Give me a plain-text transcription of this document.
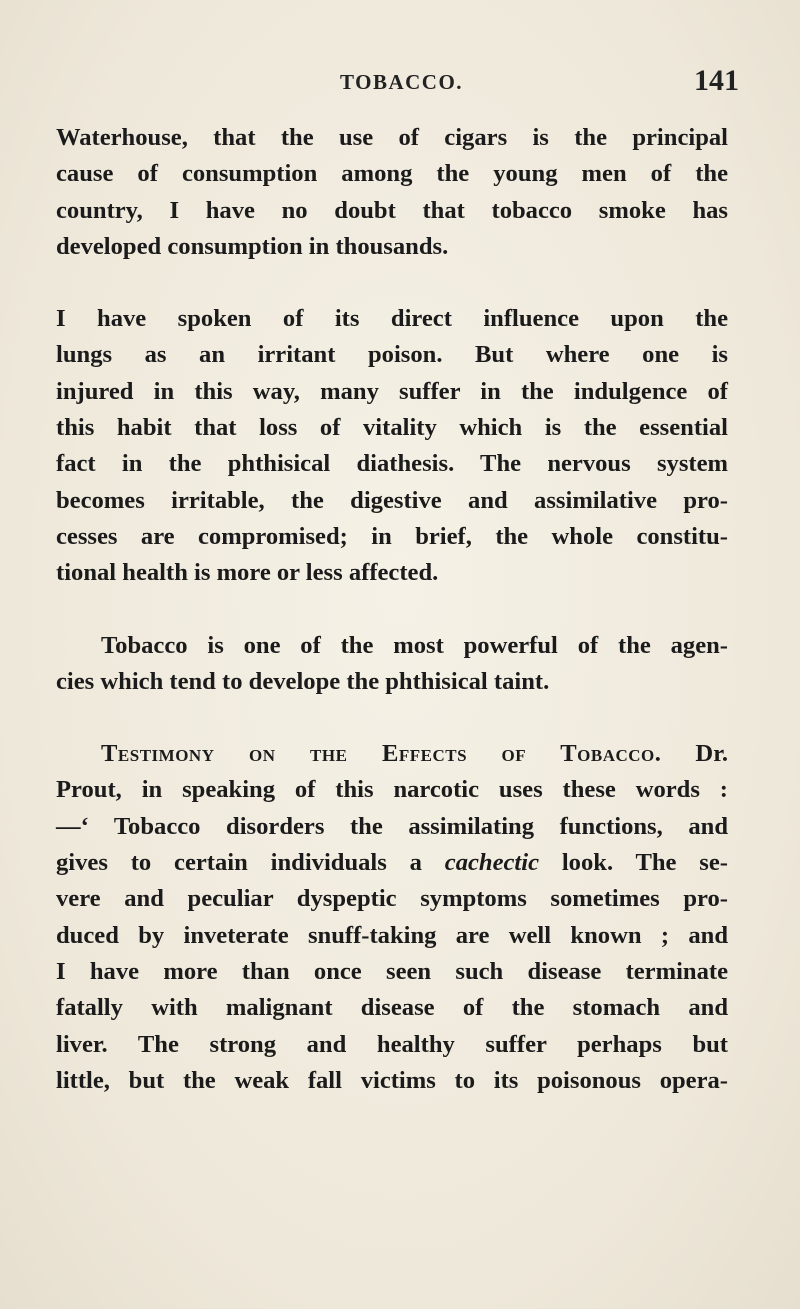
TOBACCO.	141
Waterhouse, that the use of cigars is the principal
cause of consumption among the young men of the
country, I have no doubt that tobacco smoke has
developed consumption in thousands.
I have spoken of its direct influence upon the
lungs as an irritant poison. But where one is
injured in this way, many suffer in the indulgence of
this habit that loss of vitality which is the essential
fact in the phthisical diathesis. The nervous system
becomes irritable, the digestive and assimilative pro-
cesses are compromised; in brief, the whole constitu-
tional health is more or less affected.
Tobacco is one of the most powerful of the agen-
cies which tend to develope the phthisical taint.
Testimony on the Effects of Tobacco. Dr.
Prout, in speaking of this narcotic uses these words :
—‘ Tobacco disorders the assimilating functions, and
gives to certain individuals a cachectic look. The se-
vere and peculiar dyspeptic symptoms sometimes pro-
duced by inveterate snuff-taking are well known ; and
I have more than once seen such disease terminate
fatally with malignant disease of the stomach and
liver. The strong and healthy suffer perhaps but
little, but the weak fall victims to its poisonous opera-
